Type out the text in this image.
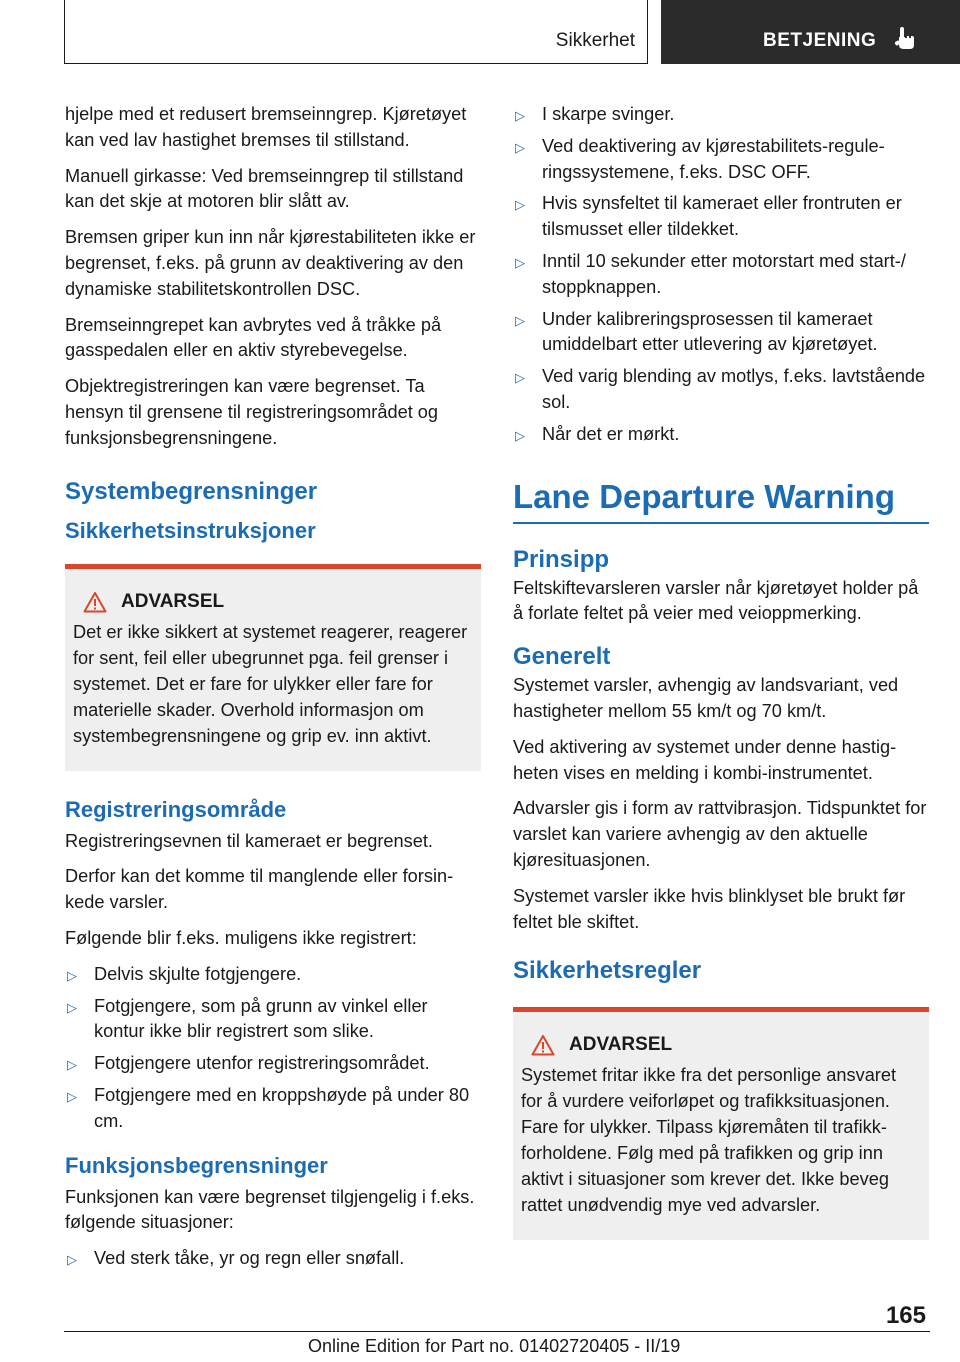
Sikkerhet	BETJENING

hjelpe med et redusert bremseinngrep. Kjøretøyet kan ved lav hastighet bremses til stillstand.

Manuell girkasse: Ved bremseinngrep til stillstand kan det skje at motoren blir slått av.

Bremsen griper kun inn når kjørestabiliteten ikke er begrenset, f.eks. på grunn av deaktivering av den dynamiske stabilitetskontrollen DSC.

Bremseinngrepet kan avbrytes ved å tråkke på gasspedalen eller en aktiv styrebevegelse.

Objektregistreringen kan være begrenset. Ta hensyn til grensene til registreringsområdet og funksjonsbegrensningene.

Systembegrensninger
Sikkerhetsinstruksjoner
ADVARSEL

Det er ikke sikkert at systemet reagerer, reagerer for sent, feil eller ubegrunnet pga. feil grenser i systemet. Det er fare for ulykker eller fare for materielle skader. Overhold informasjon om systembegrensningene og grip ev. inn aktivt.

Registreringsområde

Registreringsevnen til kameraet er begrenset.

Derfor kan det komme til manglende eller forsinkede varsler.

Følgende blir f.eks. muligens ikke registrert:

▷ Delvis skjulte fotgjengere.
▷ Fotgjengere, som på grunn av vinkel eller kontur ikke blir registrert som slike.
▷ Fotgjengere utenfor registreringsområdet.
▷ Fotgjengere med en kroppshøyde på under 80 cm.
Funksjonsbegrensninger

Funksjonen kan være begrenset tilgjengelig i f.eks. følgende situasjoner:

▷ Ved sterk tåke, yr og regn eller snøfall.
▷ I skarpe svinger.
▷ Ved deaktivering av kjørestabilitets-reguleringssystemene, f.eks. DSC OFF.
▷ Hvis synsfeltet til kameraet eller frontruten er tilsmusset eller tildekket.
▷ Inntil 10 sekunder etter motorstart med start-/ stoppknappen.
▷ Under kalibreringsprosessen til kameraet umiddelbart etter utlevering av kjøretøyet.
▷ Ved varig blending av motlys, f.eks. lavtstående sol.
▷ Når det er mørkt.
Lane Departure Warning
Prinsipp

Feltskiftevarsleren varsler når kjøretøyet holder på å forlate feltet på veier med veioppmerking.

Generelt

Systemet varsler, avhengig av landsvariant, ved hastigheter mellom 55 km/t og 70 km/t.

Ved aktivering av systemet under denne hastigheten vises en melding i kombi-instrumentet.

Advarsler gis i form av rattvibrasjon. Tidspunktet for varslet kan variere avhengig av den aktuelle kjøresituasjonen.

Systemet varsler ikke hvis blinklyset ble brukt før feltet ble skiftet.

Sikkerhetsregler
ADVARSEL

Systemet fritar ikke fra det personlige ansvaret for å vurdere veiforløpet og trafikksituasjonen. Fare for ulykker. Tilpass kjøremåten til trafikkforholdene. Følg med på trafikken og grip inn aktivt i situasjoner som krever det. Ikke beveg rattet unødvendig mye ved advarsler.

165
Online Edition for Part no. 01402720405 - II/19
